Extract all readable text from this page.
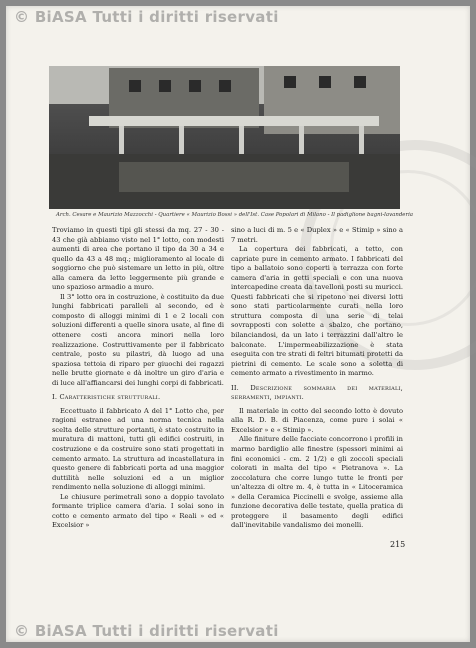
© BiASA Tutti i diritti riservati
Arch. Cesare e Maurizio Mazzocchi - Quartiere « Maurizio Bossi » dell'Ist. Case Popolari di Milano - Il padiglione bagni-lavanderia

Troviamo in questi tipi gli stessi da mq. 27 - 30 - 43 che già abbiamo visto nel 1° lotto, con modesti aumenti di area che portano il tipo da 30 a 34 e quello da 43 a 48 mq.; miglioramento al locale di soggiorno che può sistemare un letto in più, oltre alla camera da letto leggermente più grande e uno spazioso armadio a muro.

Il 3° lotto ora in costruzione, è costituito da due lunghi fabbricati paralleli al secondo, ed è composto di alloggi minimi di 1 e 2 locali con soluzioni differenti a quelle sinora usate, al fine di ottenere costi ancora minori nella loro realizzazione. Costruttivamente per il fabbricato centrale, posto su pilastri, dà luogo ad una spaziosa tettoia di riparo per giuochi dei ragazzi nelle brutte giornate e dà inoltre un giro d'aria e di luce all'affiancarsi dei lunghi corpi di fabbricati.

I. Caratteristiche strutturali.

Eccettuato il fabbricato A del 1° Lotto che, per ragioni estranee ad una norma tecnica nella scelta delle strutture portanti, è stato costruito in muratura di mattoni, tutti gli edifici costruiti, in costruzione e da costruire sono stati progettati in cemento armato. La struttura ad incastellatura in questo genere di fabbricati porta ad una maggior duttilità nelle soluzioni ed a un miglior rendimento nella soluzione di alloggi minimi.

Le chiusure perimetrali sono a doppio tavolato formante triplice camera d'aria. I solai sono in cotto e cemento armato del tipo « Reali » ed « Excelsior »

sino a luci di m. 5 e « Duplex » e « Stimip » sino a 7 metri.

La copertura dei fabbricati, a tetto, con capriate pure in cemento armato. I fabbricati del tipo a ballatoio sono coperti a terrazza con forte camera d'aria in getti speciali e con una nuova intercapedine creata da tavelloni posti su muricci. Questi fabbricati che si ripetono nei diversi lotti sono stati particolarmente curati nella loro struttura composta di una serie di telai sovrapposti con solette a sbalzo, che portano, bilanciandosi, da un lato i terrazzini dall'altro le balconate. L'impermeabilizzazione è stata eseguita con tre strati di feltri bitumati protetti da pietrini di cemento. Le scale sono a soletta di cemento armato a rivestimento in marmo.

II. Descrizione sommaria dei materiali, serramenti, impianti.

Il materiale in cotto del secondo lotto è dovuto alla R. D. B. di Piacenza, come pure i solai « Excelsior » e « Stimip ».

Alle finiture delle facciate concorrono i profili in marmo bardiglio alle finestre (spessori minimi ai fini economici - cm. 2 1/2) e gli zoccoli speciali colorati in malta del tipo « Pietranova ». La zoccolatura che corre lungo tutte le fronti per un'altezza di oltre m. 4, è tutta in « Litoceramica » della Ceramica Piccinelli e svolge, assieme alla funzione decorativa delle testate, quella pratica di proteggere il basamento degli edifici dall'inevitabile vandalismo dei monelli.

215
© BiASA Tutti i diritti riservati
